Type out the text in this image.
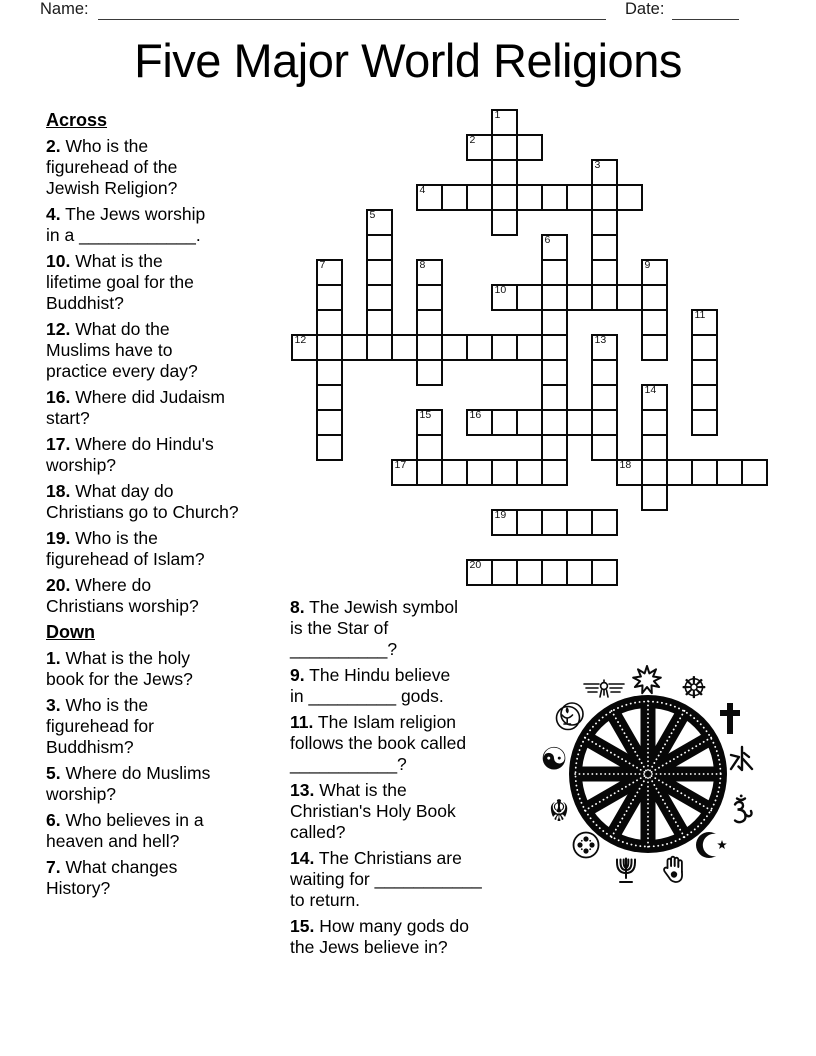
Name:	Date:
Five Major World Religions

Across

2. Who is the
figurehead of the
Jewish Religion?

4. The Jews worship
in a ____________.

10. What is the
lifetime goal for the
Buddhist?

12. What do the
Muslims have to
practice every day?

16. Where did Judaism
start?

17. Where do Hindu's
worship?

18. What day do
Christians go to Church?

19. Who is the
figurehead of Islam?

20. Where do
Christians worship?

Down

1. What is the holy
book for the Jews?

3. Who is the
figurehead for
Buddhism?

5. Where do Muslims
worship?

6. Who believes in a
heaven and hell?

7. What changes
History?

8. The Jewish symbol
is the Star of
__________?

9. The Hindu believe
in _________ gods.

11. The Islam religion
follows the book called
___________?

13. What is the
Christian's Holy Book
called?

14. The Christians are
waiting for ___________
to return.

15. How many gods do
the Jews believe in?

1
2
3
4
5
6
7	8	9
10
11
12	13
14
15	16
17	18
19
20
☸
☬
☯
